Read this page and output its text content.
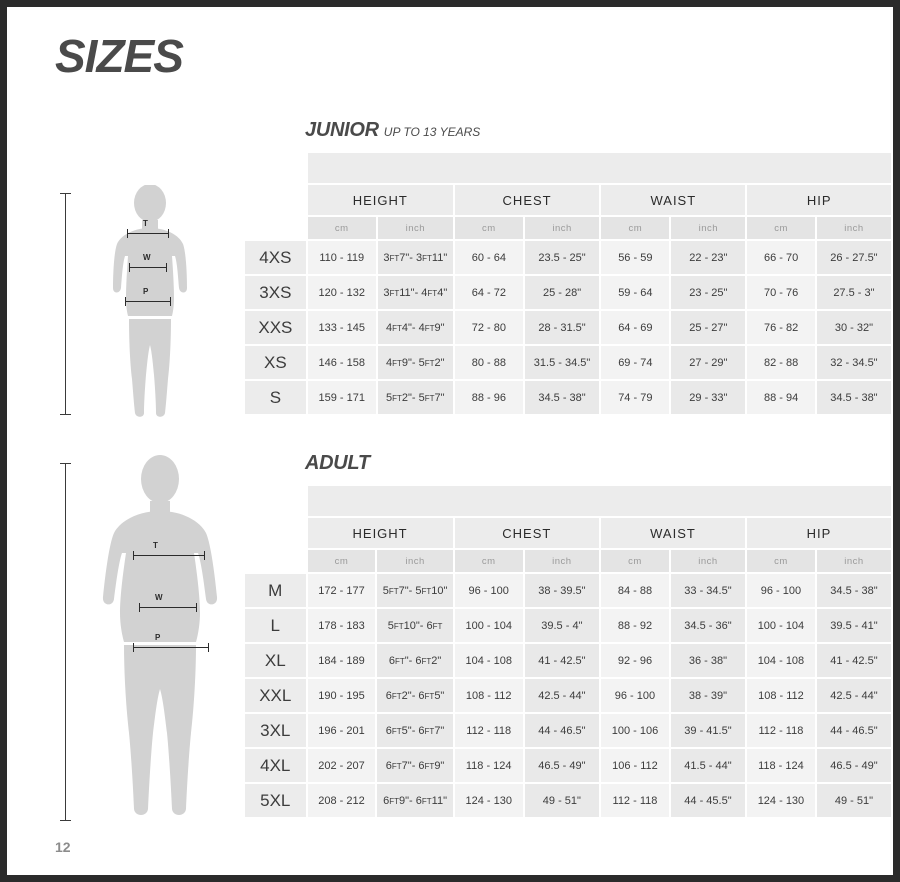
SIZES
12
T
W
P
T
W
P
JUNIOR UP TO 13 YEARS

	HEIGHT		CHEST		WAIST		HIP	
	cm	inch	cm	inch	cm	inch	cm	inch
4XS	110 - 119	3FT7"- 3FT11"	60 - 64	23.5 - 25"	56 - 59	22 - 23"	66 - 70	26 - 27.5"
3XS	120 - 132	3FT11"- 4FT4"	64 - 72	25 - 28"	59 - 64	23 - 25"	70 - 76	27.5 - 3"
XXS	133 - 145	4FT4"- 4FT9"	72 - 80	28 - 31.5"	64 - 69	25 - 27"	76 - 82	30 - 32"
XS	146 - 158	4FT9"- 5FT2"	80 - 88	31.5 - 34.5"	69 - 74	27 - 29"	82 - 88	32 - 34.5"
S	159 - 171	5FT2"- 5FT7"	88 - 96	34.5 - 38"	74 - 79	29 - 33"	88 - 94	34.5 - 38"
ADULT

	HEIGHT		CHEST		WAIST		HIP	
	cm	inch	cm	inch	cm	inch	cm	inch
M	172 - 177	5FT7"- 5FT10"	96 - 100	38 - 39.5"	84 - 88	33 - 34.5"	96 - 100	34.5 - 38"
L	178 - 183	5FT10"- 6FT	100 - 104	39.5 - 4"	88 - 92	34.5 - 36"	100 - 104	39.5 - 41"
XL	184 - 189	6FT"- 6FT2"	104 - 108	41 - 42.5"	92 - 96	36 - 38"	104 - 108	41 - 42.5"
XXL	190 - 195	6FT2"- 6FT5"	108 - 112	42.5 - 44"	96 - 100	38 - 39"	108 - 112	42.5 - 44"
3XL	196 - 201	6FT5"- 6FT7"	112 - 118	44 - 46.5"	100 - 106	39 - 41.5"	112 - 118	44 - 46.5"
4XL	202 - 207	6FT7"- 6FT9"	118 - 124	46.5 - 49"	106 - 112	41.5 - 44"	118 - 124	46.5 - 49"
5XL	208 - 212	6FT9"- 6FT11"	124 - 130	49 - 51"	112 - 118	44 - 45.5"	124 - 130	49 - 51"
